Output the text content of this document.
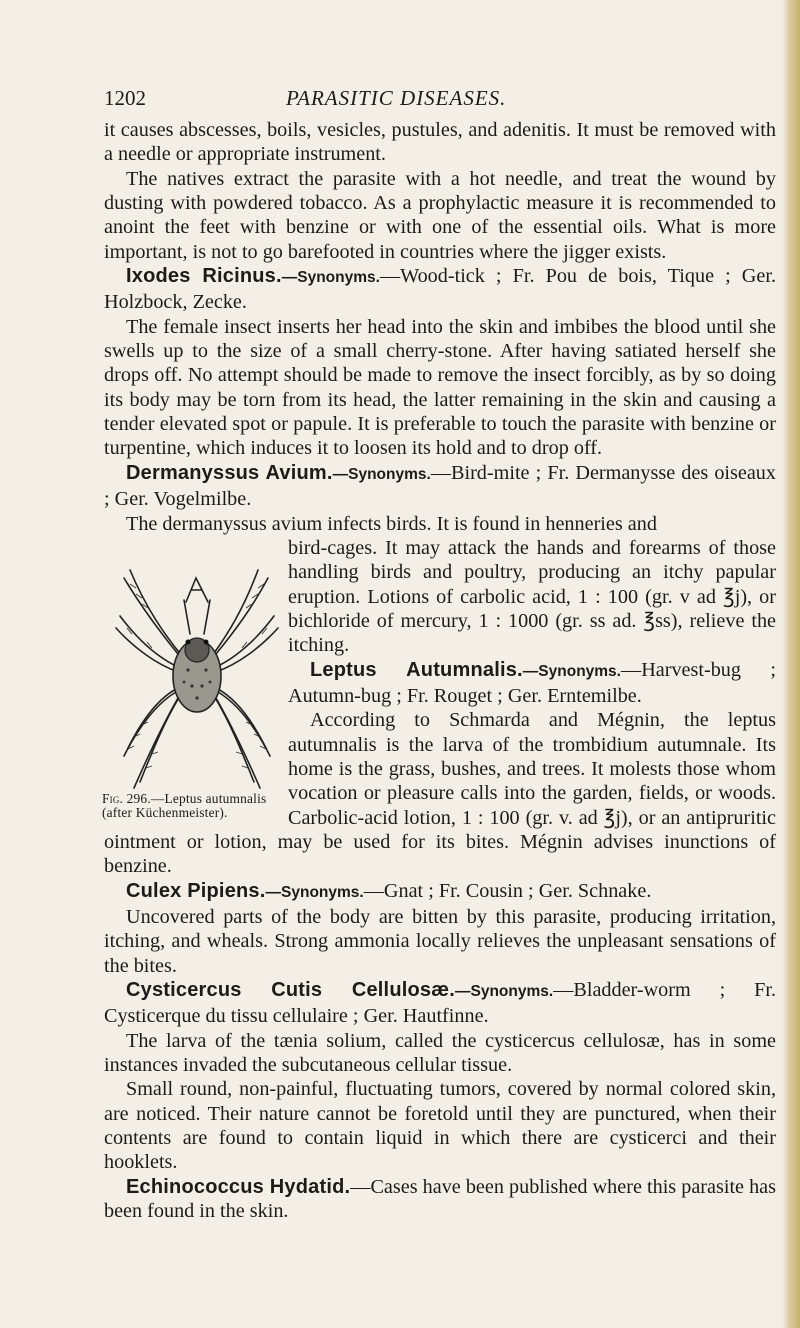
1202	PARASITIC DISEASES.

it causes abscesses, boils, vesicles, pustules, and adenitis. It must be removed with a needle or appropriate instrument.

The natives extract the parasite with a hot needle, and treat the wound by dusting with powdered tobacco. As a prophylactic measure it is recommended to anoint the feet with benzine or with one of the essential oils. What is more important, is not to go barefooted in countries where the jigger exists.

Ixodes Ricinus.—Synonyms.—Wood-tick ; Fr. Pou de bois, Tique ; Ger. Holzbock, Zecke.

The female insect inserts her head into the skin and imbibes the blood until she swells up to the size of a small cherry-stone. After having satiated herself she drops off. No attempt should be made to remove the insect forcibly, as by so doing its body may be torn from its head, the latter remaining in the skin and causing a tender elevated spot or papule. It is preferable to touch the parasite with benzine or turpentine, which induces it to loosen its hold and to drop off.

Dermanyssus Avium.—Synonyms.—Bird-mite ; Fr. Dermanysse des oiseaux ; Ger. Vogelmilbe.

The dermanyssus avium infects birds. It is found in henneries and

Fig. 296.—Leptus autumnalis (after Küchenmeister).

bird-cages. It may attack the hands and forearms of those handling birds and poultry, producing an itchy papular eruption. Lotions of carbolic acid, 1 : 100 (gr. v ad ℥j), or bichloride of mercury, 1 : 1000 (gr. ss ad. ℥ss), relieve the itching.

Leptus Autumnalis.—Synonyms.—Harvest-bug ; Autumn-bug ; Fr. Rouget ; Ger. Erntemilbe.

According to Schmarda and Mégnin, the leptus autumnalis is the larva of the trombidium autumnale. Its home is the grass, bushes, and trees. It molests those whom vocation or pleasure calls into the garden, fields, or woods. Carbolic-acid lotion, 1 : 100 (gr. v. ad ℥j), or an antipruritic ointment or lotion, may be used for its bites. Mégnin advises inunctions of benzine.

Culex Pipiens.—Synonyms.—Gnat ; Fr. Cousin ; Ger. Schnake.

Uncovered parts of the body are bitten by this parasite, producing irritation, itching, and wheals. Strong ammonia locally relieves the unpleasant sensations of the bites.

Cysticercus Cutis Cellulosæ.—Synonyms.—Bladder-worm ; Fr. Cysticerque du tissu cellulaire ; Ger. Hautfinne.

The larva of the tænia solium, called the cysticercus cellulosæ, has in some instances invaded the subcutaneous cellular tissue.

Small round, non-painful, fluctuating tumors, covered by normal colored skin, are noticed. Their nature cannot be foretold until they are punctured, when their contents are found to contain liquid in which there are cysticerci and their hooklets.

Echinococcus Hydatid.—Cases have been published where this parasite has been found in the skin.
